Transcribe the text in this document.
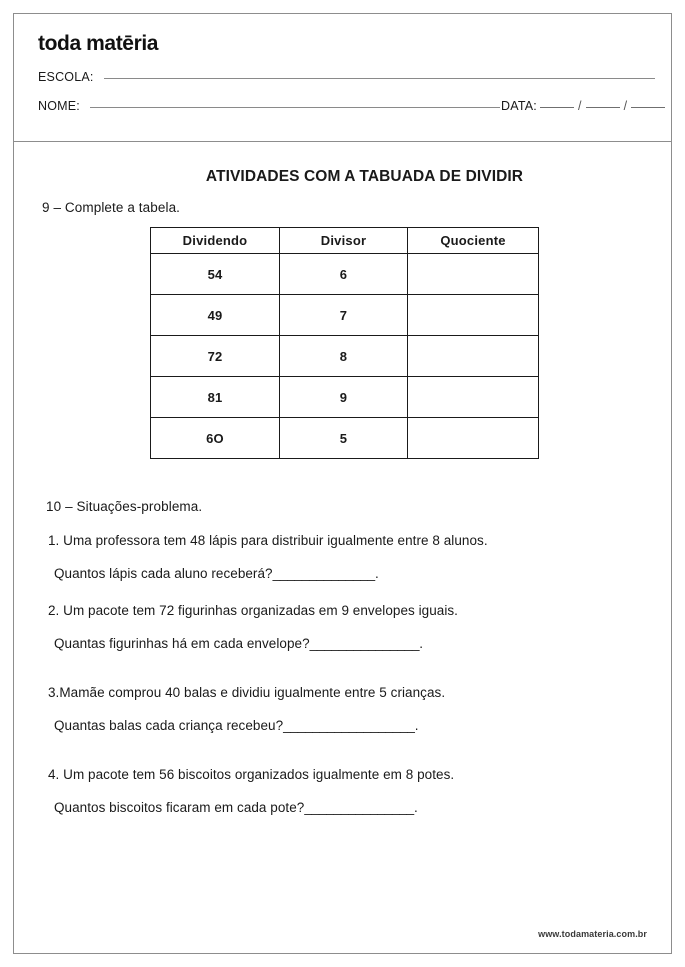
toda matēria
ESCOLA:
NOME:	DATA:	/	/
ATIVIDADES COM A TABUADA DE DIVIDIR
9 – Complete a tabela.
Dividendo	Divisor	Quociente
54	6	
49	7	
72	8	
81	9	
6O	5	
10 – Situações-problema.
1. Uma professora tem 48 lápis para distribuir igualmente entre 8 alunos.
Quantos lápis cada aluno receberá?______________.
2. Um pacote tem 72 figurinhas organizadas em 9 envelopes iguais.
Quantas figurinhas há em cada envelope?_______________.
3.Mamãe comprou 40 balas e dividiu igualmente entre 5 crianças.
Quantas balas cada criança recebeu?__________________.
4. Um pacote tem 56 biscoitos organizados igualmente em 8 potes.
Quantos biscoitos ficaram em cada pote?_______________.
www.todamateria.com.br
